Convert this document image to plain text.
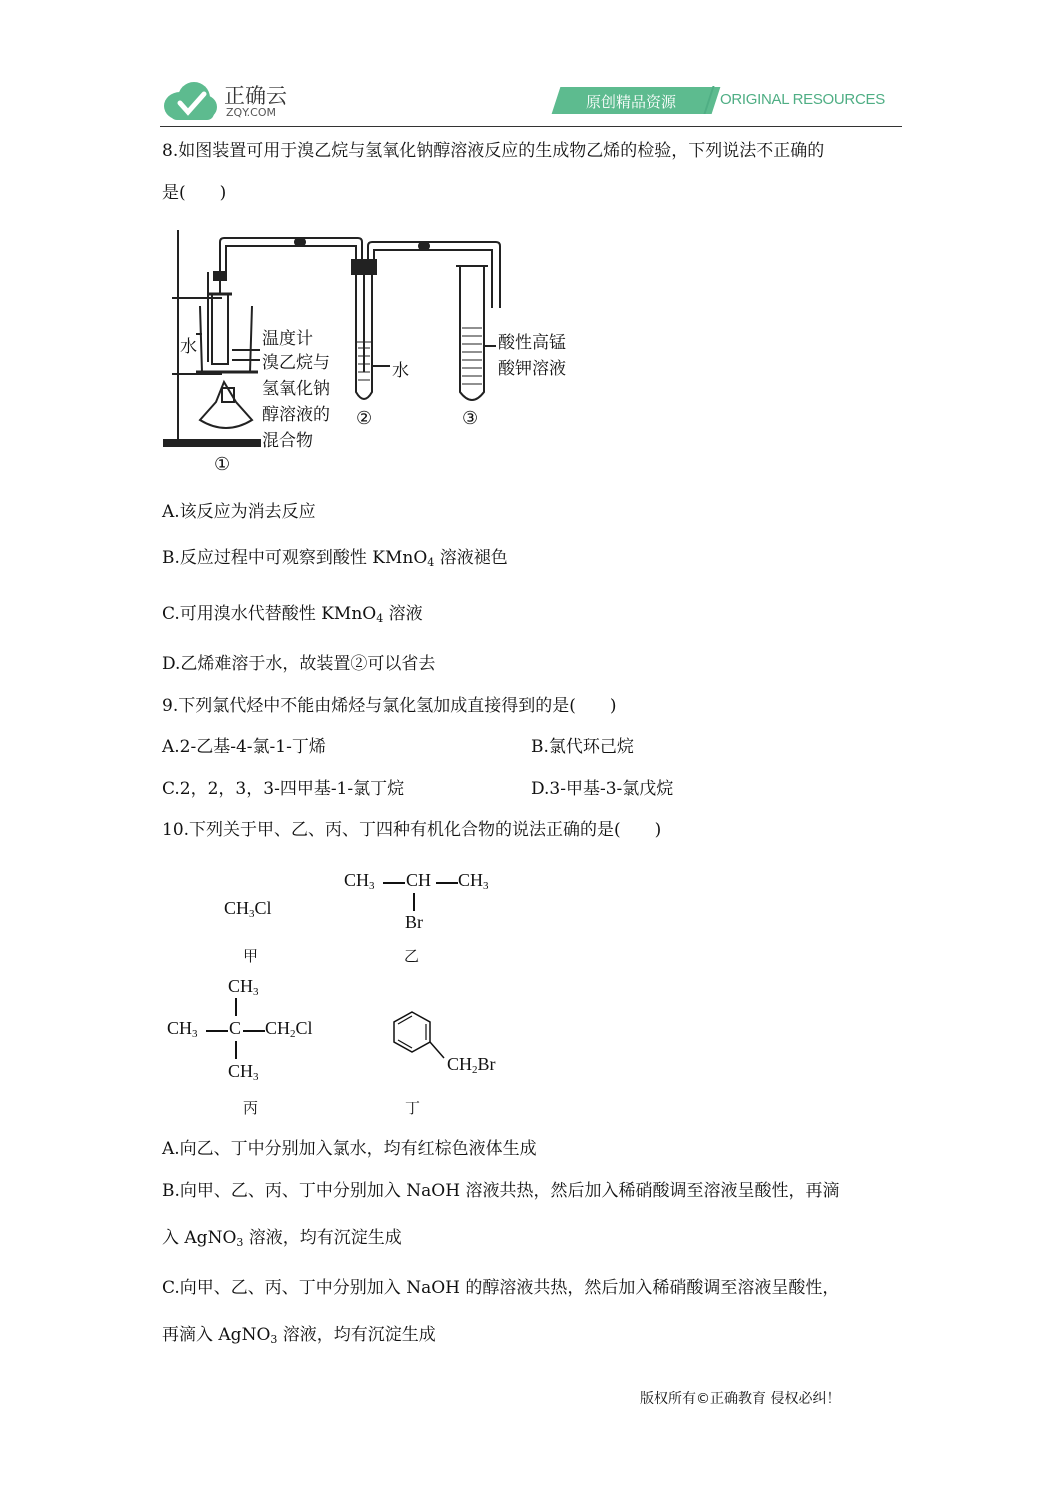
正确云
ZQY.COM
原创精品资源	ORIGINAL RESOURCES
8.如图装置可用于溴乙烷与氢氧化钠醇溶液反应的生成物乙烯的检验，下列说法不正确的
是(　　)
水	温度计
溴乙烷与
氢氧化钠
醇溶液的
混合物
水
酸性高锰
酸钾溶液
①
②	③
A.该反应为消去反应
B.反应过程中可观察到酸性 KMnO$_4$ 溶液褪色
C.可用溴水代替酸性 KMnO$_4$ 溶液
D.乙烯难溶于水，故装置②可以省去
9.下列氯代烃中不能由烯烃与氯化氢加成直接得到的是(　　)
A.2-乙基-4-氯-1-丁烯	B.氯代环己烷
C.2，2，3，3-四甲基-1-氯丁烷	D.3-甲基-3-氯戊烷
10.下列关于甲、乙、丙、丁四种有机化合物的说法正确的是(　　)
$CH_3Cl$
甲
$CH_3$ CH $CH_3$
Br
乙
$CH_3$
$CH_3$ C $CH_2Cl$
$CH_3$
丙
$CH_2Br$
丁
A.向乙、丁中分别加入氯水，均有红棕色液体生成
B.向甲、乙、丙、丁中分别加入 NaOH 溶液共热，然后加入稀硝酸调至溶液呈酸性，再滴
入 AgNO$_3$ 溶液，均有沉淀生成
C.向甲、乙、丙、丁中分别加入 NaOH 的醇溶液共热，然后加入稀硝酸调至溶液呈酸性，
再滴入 AgNO$_3$ 溶液，均有沉淀生成
版权所有©正确教育 侵权必纠！
